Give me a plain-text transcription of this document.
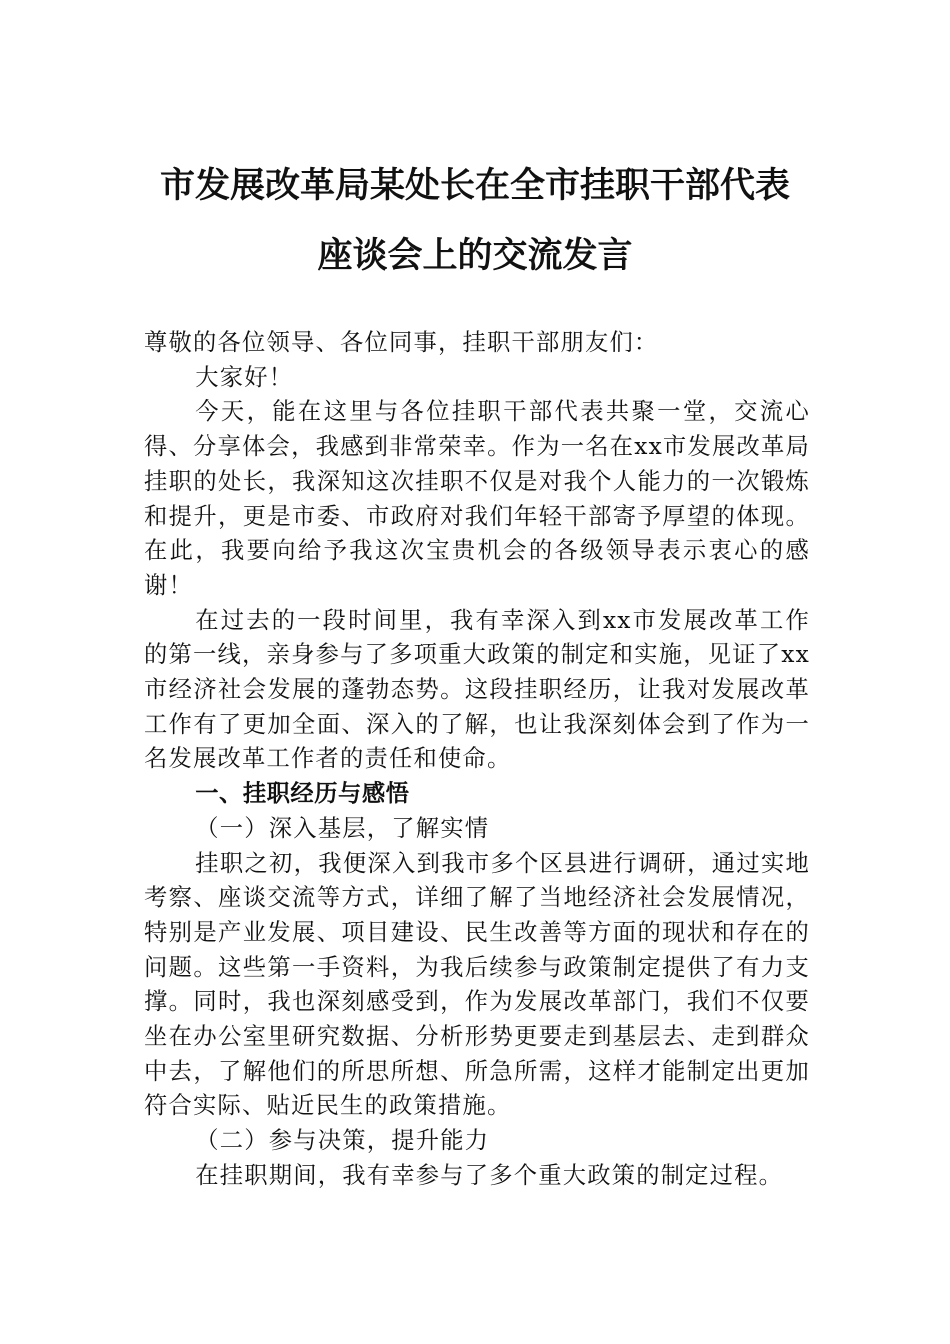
市发展改革局某处长在全市挂职干部代表
座谈会上的交流发言

尊敬的各位领导、各位同事，挂职干部朋友们：

大家好！

今天，能在这里与各位挂职干部代表共聚一堂，交流心得、分享体会，我感到非常荣幸。作为一名在xx市发展改革局挂职的处长，我深知这次挂职不仅是对我个人能力的一次锻炼和提升，更是市委、市政府对我们年轻干部寄予厚望的体现。在此，我要向给予我这次宝贵机会的各级领导表示衷心的感谢！

在过去的一段时间里，我有幸深入到xx市发展改革工作的第一线，亲身参与了多项重大政策的制定和实施，见证了xx市经济社会发展的蓬勃态势。这段挂职经历，让我对发展改革工作有了更加全面、深入的了解，也让我深刻体会到了作为一名发展改革工作者的责任和使命。

一、挂职经历与感悟

（一）深入基层，了解实情

挂职之初，我便深入到我市多个区县进行调研，通过实地考察、座谈交流等方式，详细了解了当地经济社会发展情况，特别是产业发展、项目建设、民生改善等方面的现状和存在的问题。这些第一手资料，为我后续参与政策制定提供了有力支撑。同时，我也深刻感受到，作为发展改革部门，我们不仅要坐在办公室里研究数据、分析形势更要走到基层去、走到群众中去，了解他们的所思所想、所急所需，这样才能制定出更加符合实际、贴近民生的政策措施。

（二）参与决策，提升能力

在挂职期间，我有幸参与了多个重大政策的制定过程。
